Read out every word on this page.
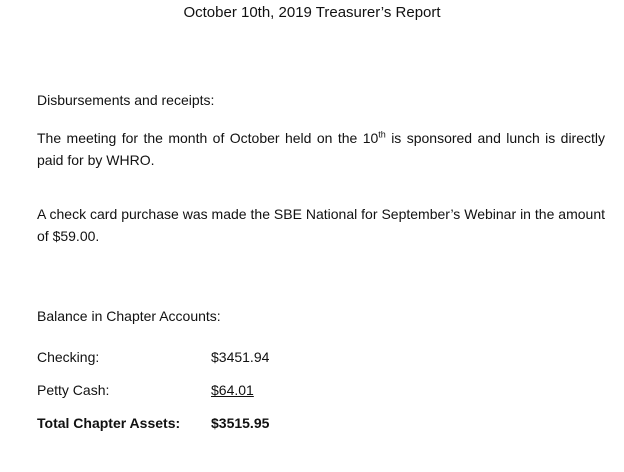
October 10th, 2019 Treasurer’s Report
Disbursements and receipts:
The meeting for the month of October held on the 10th is sponsored and lunch is directly paid for by WHRO.
A check card purchase was made the SBE National for September’s Webinar in the amount of $59.00.
Balance in Chapter Accounts:
Checking:	$3451.94
Petty Cash:	$64.01
Total Chapter Assets: $3515.95
